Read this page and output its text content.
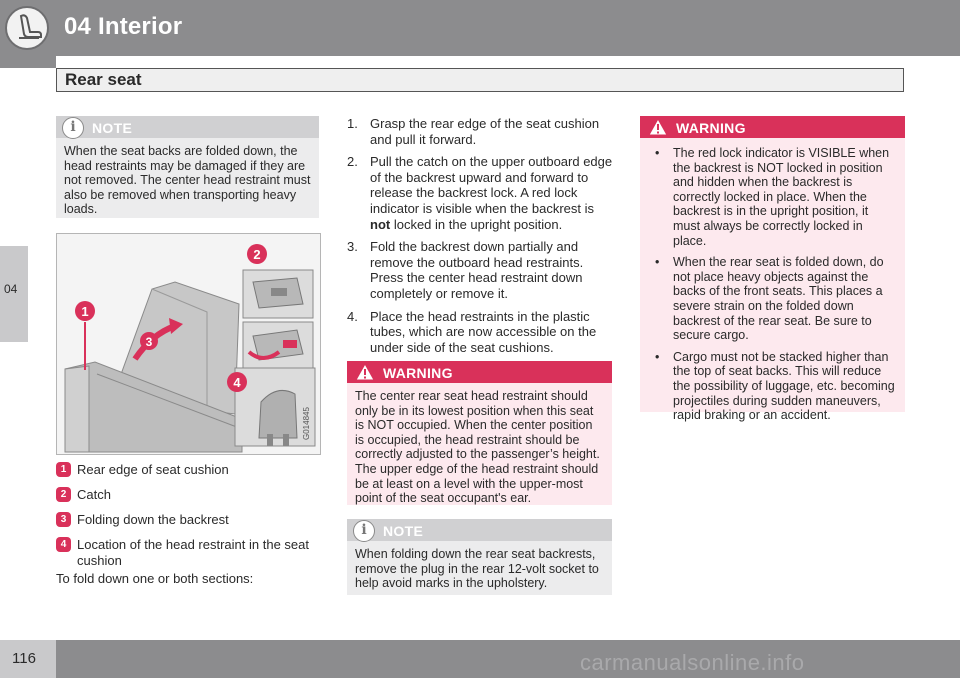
04 Interior
Rear seat
04
i	NOTE
When the seat backs are folded down, the head restraints may be damaged if they are not removed. The center head restraint must also be removed when transporting heavy loads.
1
2
3
4
G014845
1 Rear edge of seat cushion
2 Catch
3 Folding down the backrest
4 Location of the head restraint in the seat cushion
To fold down one or both sections:
1. Grasp the rear edge of the seat cushion and pull it forward.
2. Pull the catch on the upper outboard edge of the backrest upward and forward to release the backrest lock. A red lock indicator is visible when the backrest is not locked in the upright position.
3. Fold the backrest down partially and remove the outboard head restraints. Press the center head restraint down completely or remove it.
4. Place the head restraints in the plastic tubes, which are now accessible on the under side of the seat cushions.
WARNING
The center rear seat head restraint should only be in its lowest position when this seat is NOT occupied. When the center position is occupied, the head restraint should be correctly adjusted to the passenger’s height. The upper edge of the head restraint should be at least on a level with the upper-most point of the seat occupant's ear.
i	NOTE
When folding down the rear seat backrests, remove the plug in the rear 12-volt socket to help avoid marks in the upholstery.
WARNING
• The red lock indicator is VISIBLE when the backrest is NOT locked in position and hidden when the backrest is correctly locked in place. When the backrest is in the upright position, it must always be correctly locked in place.
• When the rear seat is folded down, do not place heavy objects against the backs of the front seats. This places a severe strain on the folded down backrest of the rear seat. Be sure to secure cargo.
• Cargo must not be stacked higher than the top of seat backs. This will reduce the possibility of luggage, etc. becoming projectiles during sudden maneuvers, rapid braking or an accident.
116	carmanualsonline.info
